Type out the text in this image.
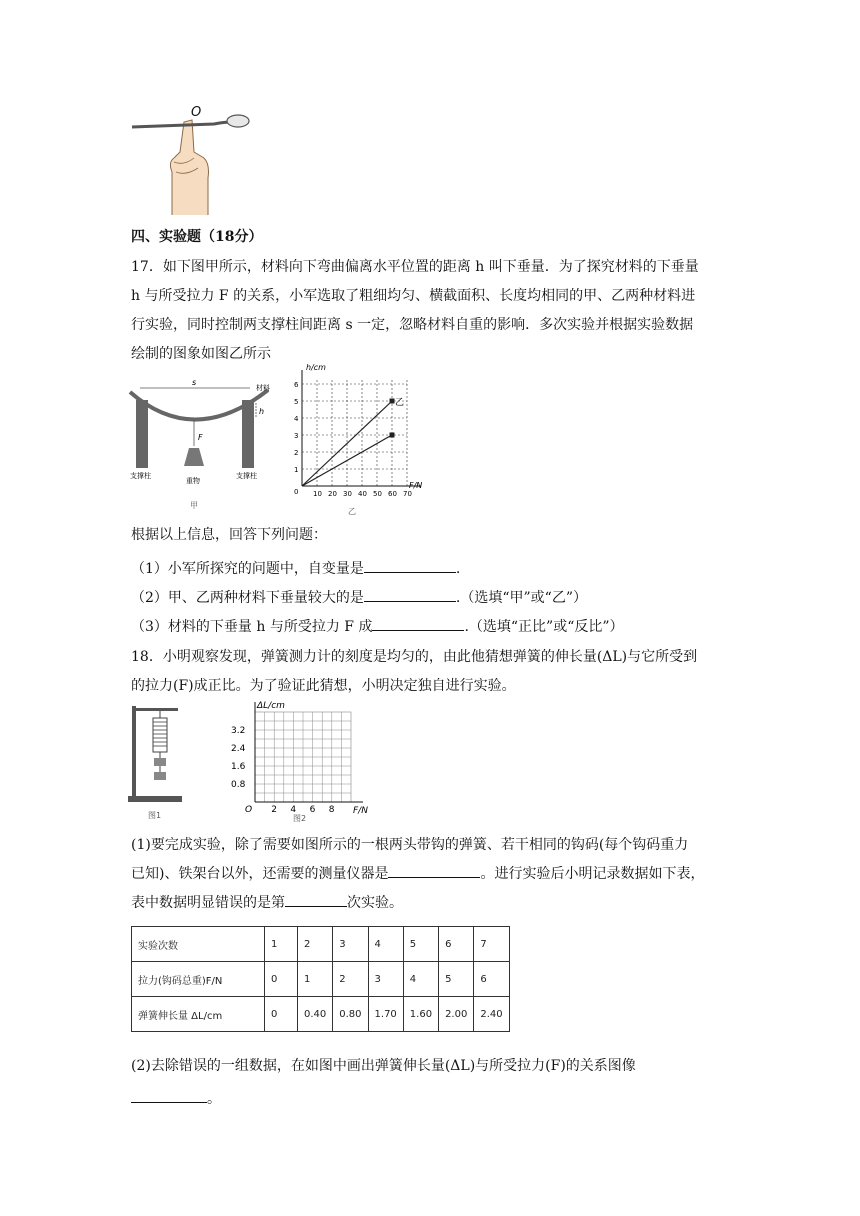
O
四、实验题（18分）
17．如下图甲所示，材料向下弯曲偏离水平位置的距离 h 叫下垂量．为了探究材料的下垂量
h 与所受拉力 F 的关系，小军选取了粗细均匀、横截面积、长度均相同的甲、乙两种材料进
行实验，同时控制两支撑柱间距离 s 一定，忽略材料自重的影响．多次实验并根据实验数据
绘制的图象如图乙所示
s
h
材料
F
支撑柱
重物
支撑柱
甲
乙
10 20 30 40 50 60 70
1
2
3
4
5
6
0
F/N
h/cm
乙
根据以上信息，回答下列问题：
（1）小军所探究的问题中，自变量是	.
（2）甲、乙两种材料下垂量较大的是	.（选填“甲”或“乙”）
（3）材料的下垂量 h 与所受拉力 F 成	.（选填“正比”或“反比”）
18．小明观察发现，弹簧测力计的刻度是均匀的，由此他猜想弹簧的伸长量(ΔL)与它所受到
的拉力(F)成正比。为了验证此猜想，小明决定独自进行实验。
图1
2 4 6 8
0.8
1.6
2.4
3.2
O	F/N
ΔL/cm
图2
(1)要完成实验，除了需要如图所示的一根两头带钩的弹簧、若干相同的钩码(每个钩码重力
已知)、铁架台以外，还需要的测量仪器是	。进行实验后小明记录数据如下表，
表中数据明显错误的是第	次实验。
实验次数	1	2	3	4	5	6	7
拉力(钩码总重)F/N	0	1	2	3	4	5	6
弹簧伸长量 ΔL/cm	0	0.40	0.80	1.70	1.60	2.00	2.40
(2)去除错误的一组数据，在如图中画出弹簧伸长量(ΔL)与所受拉力(F)的关系图像
。
